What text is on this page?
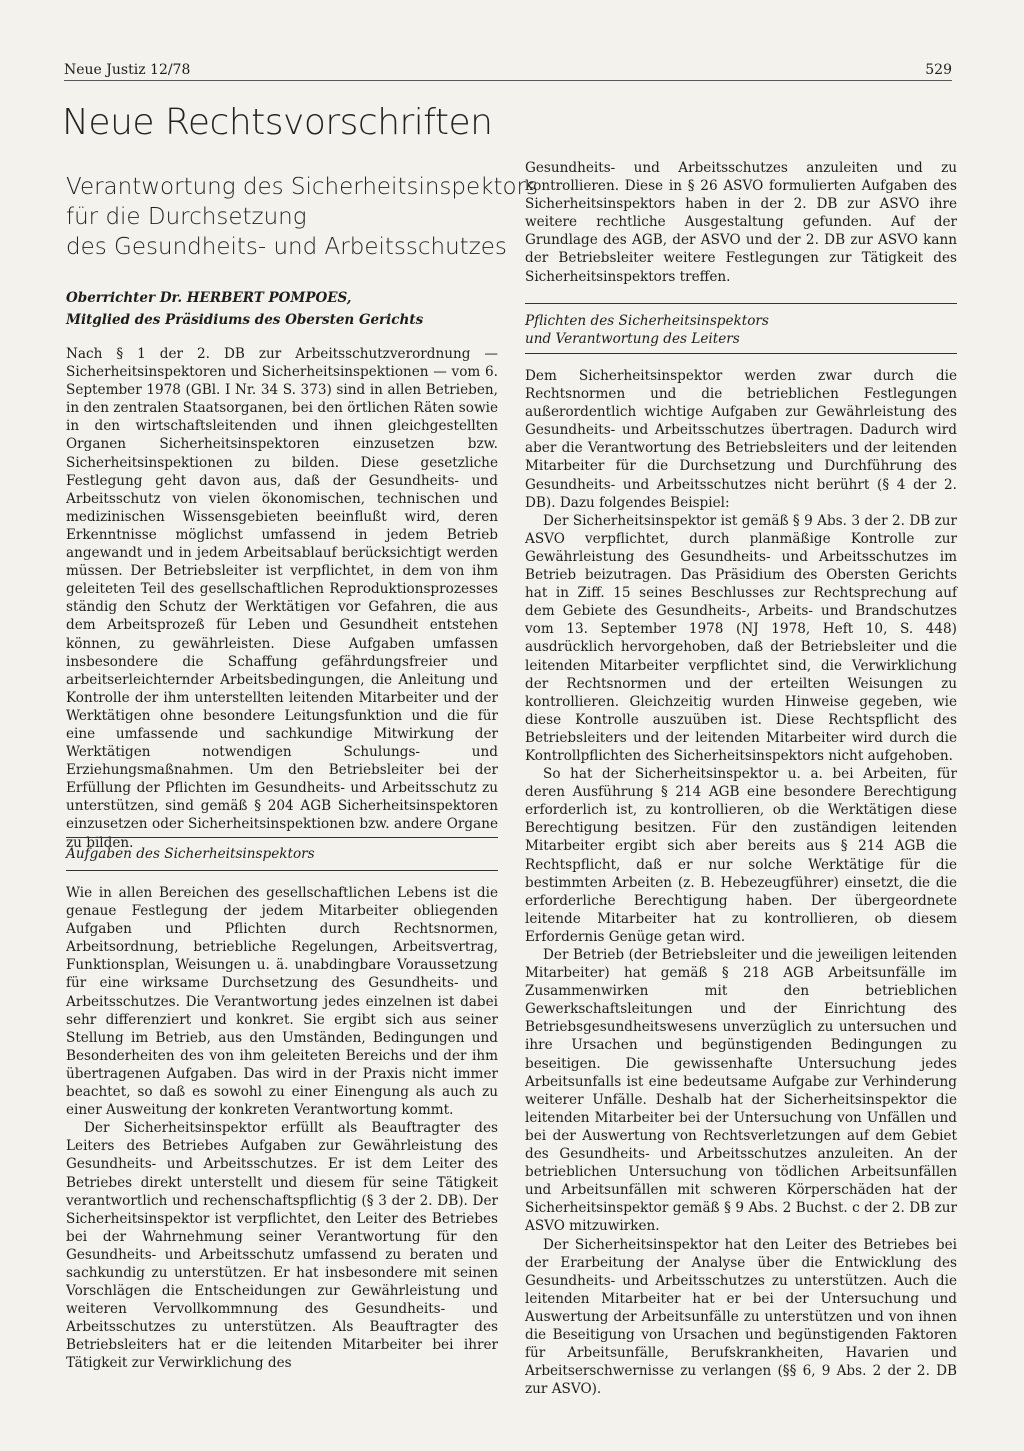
Neue Justiz 12/78	529
Neue Rechtsvorschriften
Verantwortung des Sicherheitsinspektors
für die Durchsetzung
des Gesundheits- und Arbeitsschutzes
Oberrichter Dr. HERBERT POMPOES,
Mitglied des Präsidiums des Obersten Gerichts

Nach § 1 der 2. DB zur Arbeitsschutzverordnung — Sicherheitsinspektoren und Sicherheitsinspektionen — vom 6. September 1978 (GBl. I Nr. 34 S. 373) sind in allen Betrieben, in den zentralen Staatsorganen, bei den örtlichen Räten sowie in den wirtschaftsleitenden und ihnen gleichgestellten Organen Sicherheitsinspektoren einzusetzen bzw. Sicherheitsinspektionen zu bilden. Diese gesetzliche Festlegung geht davon aus, daß der Gesundheits- und Arbeitsschutz von vielen ökonomischen, technischen und medizinischen Wissensgebieten beeinflußt wird, deren Erkenntnisse möglichst umfassend in jedem Betrieb angewandt und in jedem Arbeitsablauf berücksichtigt werden müssen. Der Betriebsleiter ist verpflichtet, in dem von ihm geleiteten Teil des gesellschaftlichen Reproduktionsprozesses ständig den Schutz der Werktätigen vor Gefahren, die aus dem Arbeitsprozeß für Leben und Gesundheit entstehen können, zu gewährleisten. Diese Aufgaben umfassen insbesondere die Schaffung gefährdungsfreier und arbeitserleichternder Arbeitsbedingungen, die Anleitung und Kontrolle der ihm unterstellten leitenden Mitarbeiter und der Werktätigen ohne besondere Leitungsfunktion und die für eine umfassende und sachkundige Mitwirkung der Werktätigen notwendigen Schulungs- und Erziehungsmaßnahmen. Um den Betriebsleiter bei der Erfüllung der Pflichten im Gesundheits- und Arbeitsschutz zu unterstützen, sind gemäß § 204 AGB Sicherheitsinspektoren einzusetzen oder Sicherheitsinspektionen bzw. andere Organe zu bilden.

Aufgaben des Sicherheitsinspektors

Wie in allen Bereichen des gesellschaftlichen Lebens ist die genaue Festlegung der jedem Mitarbeiter obliegenden Aufgaben und Pflichten durch Rechtsnormen, Arbeitsordnung, betriebliche Regelungen, Arbeitsvertrag, Funktionsplan, Weisungen u. ä. unabdingbare Voraussetzung für eine wirksame Durchsetzung des Gesundheits- und Arbeitsschutzes. Die Verantwortung jedes einzelnen ist dabei sehr differenziert und konkret. Sie ergibt sich aus seiner Stellung im Betrieb, aus den Umständen, Bedingungen und Besonderheiten des von ihm geleiteten Bereichs und der ihm übertragenen Aufgaben. Das wird in der Praxis nicht immer beachtet, so daß es sowohl zu einer Einengung als auch zu einer Ausweitung der konkreten Verantwortung kommt.

Der Sicherheitsinspektor erfüllt als Beauftragter des Leiters des Betriebes Aufgaben zur Gewährleistung des Gesundheits- und Arbeitsschutzes. Er ist dem Leiter des Betriebes direkt unterstellt und diesem für seine Tätigkeit verantwortlich und rechenschaftspflichtig (§ 3 der 2. DB). Der Sicherheitsinspektor ist verpflichtet, den Leiter des Betriebes bei der Wahrnehmung seiner Verantwortung für den Gesundheits- und Arbeitsschutz umfassend zu beraten und sachkundig zu unterstützen. Er hat insbesondere mit seinen Vorschlägen die Entscheidungen zur Gewährleistung und weiteren Vervollkommnung des Gesundheits- und Arbeitsschutzes zu unterstützen. Als Beauftragter des Betriebsleiters hat er die leitenden Mitarbeiter bei ihrer Tätigkeit zur Verwirklichung des

Gesundheits- und Arbeitsschutzes anzuleiten und zu kontrollieren. Diese in § 26 ASVO formulierten Aufgaben des Sicherheitsinspektors haben in der 2. DB zur ASVO ihre weitere rechtliche Ausgestaltung gefunden. Auf der Grundlage des AGB, der ASVO und der 2. DB zur ASVO kann der Betriebsleiter weitere Festlegungen zur Tätigkeit des Sicherheitsinspektors treffen.

Pflichten des Sicherheitsinspektors
und Verantwortung des Leiters

Dem Sicherheitsinspektor werden zwar durch die Rechtsnormen und die betrieblichen Festlegungen außerordentlich wichtige Aufgaben zur Gewährleistung des Gesundheits- und Arbeitsschutzes übertragen. Dadurch wird aber die Verantwortung des Betriebsleiters und der leitenden Mitarbeiter für die Durchsetzung und Durchführung des Gesundheits- und Arbeitsschutzes nicht berührt (§ 4 der 2. DB). Dazu folgendes Beispiel:

Der Sicherheitsinspektor ist gemäß § 9 Abs. 3 der 2. DB zur ASVO verpflichtet, durch planmäßige Kontrolle zur Gewährleistung des Gesundheits- und Arbeitsschutzes im Betrieb beizutragen. Das Präsidium des Obersten Gerichts hat in Ziff. 15 seines Beschlusses zur Rechtsprechung auf dem Gebiete des Gesundheits-, Arbeits- und Brandschutzes vom 13. September 1978 (NJ 1978, Heft 10, S. 448) ausdrücklich hervorgehoben, daß der Betriebsleiter und die leitenden Mitarbeiter verpflichtet sind, die Verwirklichung der Rechtsnormen und der erteilten Weisungen zu kontrollieren. Gleichzeitig wurden Hinweise gegeben, wie diese Kontrolle auszuüben ist. Diese Rechtspflicht des Betriebsleiters und der leitenden Mitarbeiter wird durch die Kontrollpflichten des Sicherheitsinspektors nicht aufgehoben.

So hat der Sicherheitsinspektor u. a. bei Arbeiten, für deren Ausführung § 214 AGB eine besondere Berechtigung erforderlich ist, zu kontrollieren, ob die Werktätigen diese Berechtigung besitzen. Für den zuständigen leitenden Mitarbeiter ergibt sich aber bereits aus § 214 AGB die Rechtspflicht, daß er nur solche Werktätige für die bestimmten Arbeiten (z. B. Hebezeugführer) einsetzt, die die erforderliche Berechtigung haben. Der übergeordnete leitende Mitarbeiter hat zu kontrollieren, ob diesem Erfordernis Genüge getan wird.

Der Betrieb (der Betriebsleiter und die jeweiligen leitenden Mitarbeiter) hat gemäß § 218 AGB Arbeitsunfälle im Zusammenwirken mit den betrieblichen Gewerkschaftsleitungen und der Einrichtung des Betriebsgesundheitswesens unverzüglich zu untersuchen und ihre Ursachen und begünstigenden Bedingungen zu beseitigen. Die gewissenhafte Untersuchung jedes Arbeitsunfalls ist eine bedeutsame Aufgabe zur Verhinderung weiterer Unfälle. Deshalb hat der Sicherheitsinspektor die leitenden Mitarbeiter bei der Untersuchung von Unfällen und bei der Auswertung von Rechtsverletzungen auf dem Gebiet des Gesundheits- und Arbeitsschutzes anzuleiten. An der betrieblichen Untersuchung von tödlichen Arbeitsunfällen und Arbeitsunfällen mit schweren Körperschäden hat der Sicherheitsinspektor gemäß § 9 Abs. 2 Buchst. c der 2. DB zur ASVO mitzuwirken.

Der Sicherheitsinspektor hat den Leiter des Betriebes bei der Erarbeitung der Analyse über die Entwicklung des Gesundheits- und Arbeitsschutzes zu unterstützen. Auch die leitenden Mitarbeiter hat er bei der Untersuchung und Auswertung der Arbeitsunfälle zu unterstützen und von ihnen die Beseitigung von Ursachen und begünstigenden Faktoren für Arbeitsunfälle, Berufskrankheiten, Havarien und Arbeitserschwernisse zu verlangen (§§ 6, 9 Abs. 2 der 2. DB zur ASVO).
